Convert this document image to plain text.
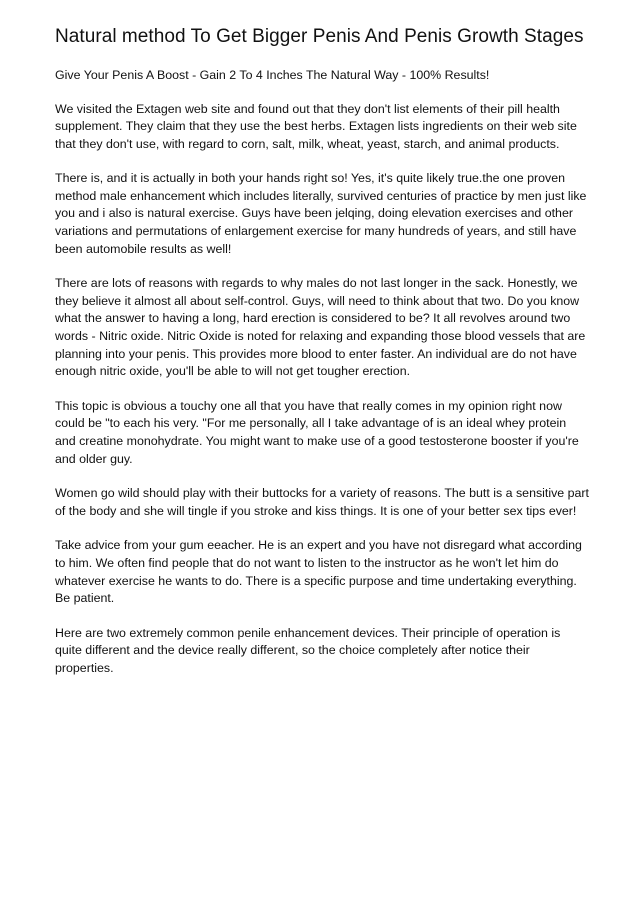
Natural method To Get Bigger Penis And Penis Growth Stages

Give Your Penis A Boost - Gain 2 To 4 Inches The Natural Way - 100% Results!

We visited the Extagen web site and found out that they don't list elements of their pill health supplement. They claim that they use the best herbs. Extagen lists ingredients on their web site that they don't use, with regard to corn, salt, milk, wheat, yeast, starch, and animal products.

There is, and it is actually in both your hands right so! Yes, it's quite likely true.the one proven method male enhancement which includes literally, survived centuries of practice by men just like you and i also is natural exercise. Guys have been jelqing, doing elevation exercises and other variations and permutations of enlargement exercise for many hundreds of years, and still have been automobile results as well!

There are lots of reasons with regards to why males do not last longer in the sack. Honestly, we they believe it almost all about self-control. Guys, will need to think about that two. Do you know what the answer to having a long, hard erection is considered to be? It all revolves around two words - Nitric oxide. Nitric Oxide is noted for relaxing and expanding those blood vessels that are planning into your penis. This provides more blood to enter faster. An individual are do not have enough nitric oxide, you'll be able to will not get tougher erection.

This topic is obvious a touchy one all that you have that really comes in my opinion right now could be "to each his very. "For me personally, all I take advantage of is an ideal whey protein and creatine monohydrate. You might want to make use of a good testosterone booster if you're and older guy.

Women go wild should play with their buttocks for a variety of reasons. The butt is a sensitive part of the body and she will tingle if you stroke and kiss things. It is one of your better sex tips ever!

Take advice from your gum eeacher. He is an expert and you have not disregard what according to him. We often find people that do not want to listen to the instructor as he won't let him do whatever exercise he wants to do. There is a specific purpose and time undertaking everything. Be patient.

Here are two extremely common penile enhancement devices. Their principle of operation is quite different and the device really different, so the choice completely after notice their properties.
